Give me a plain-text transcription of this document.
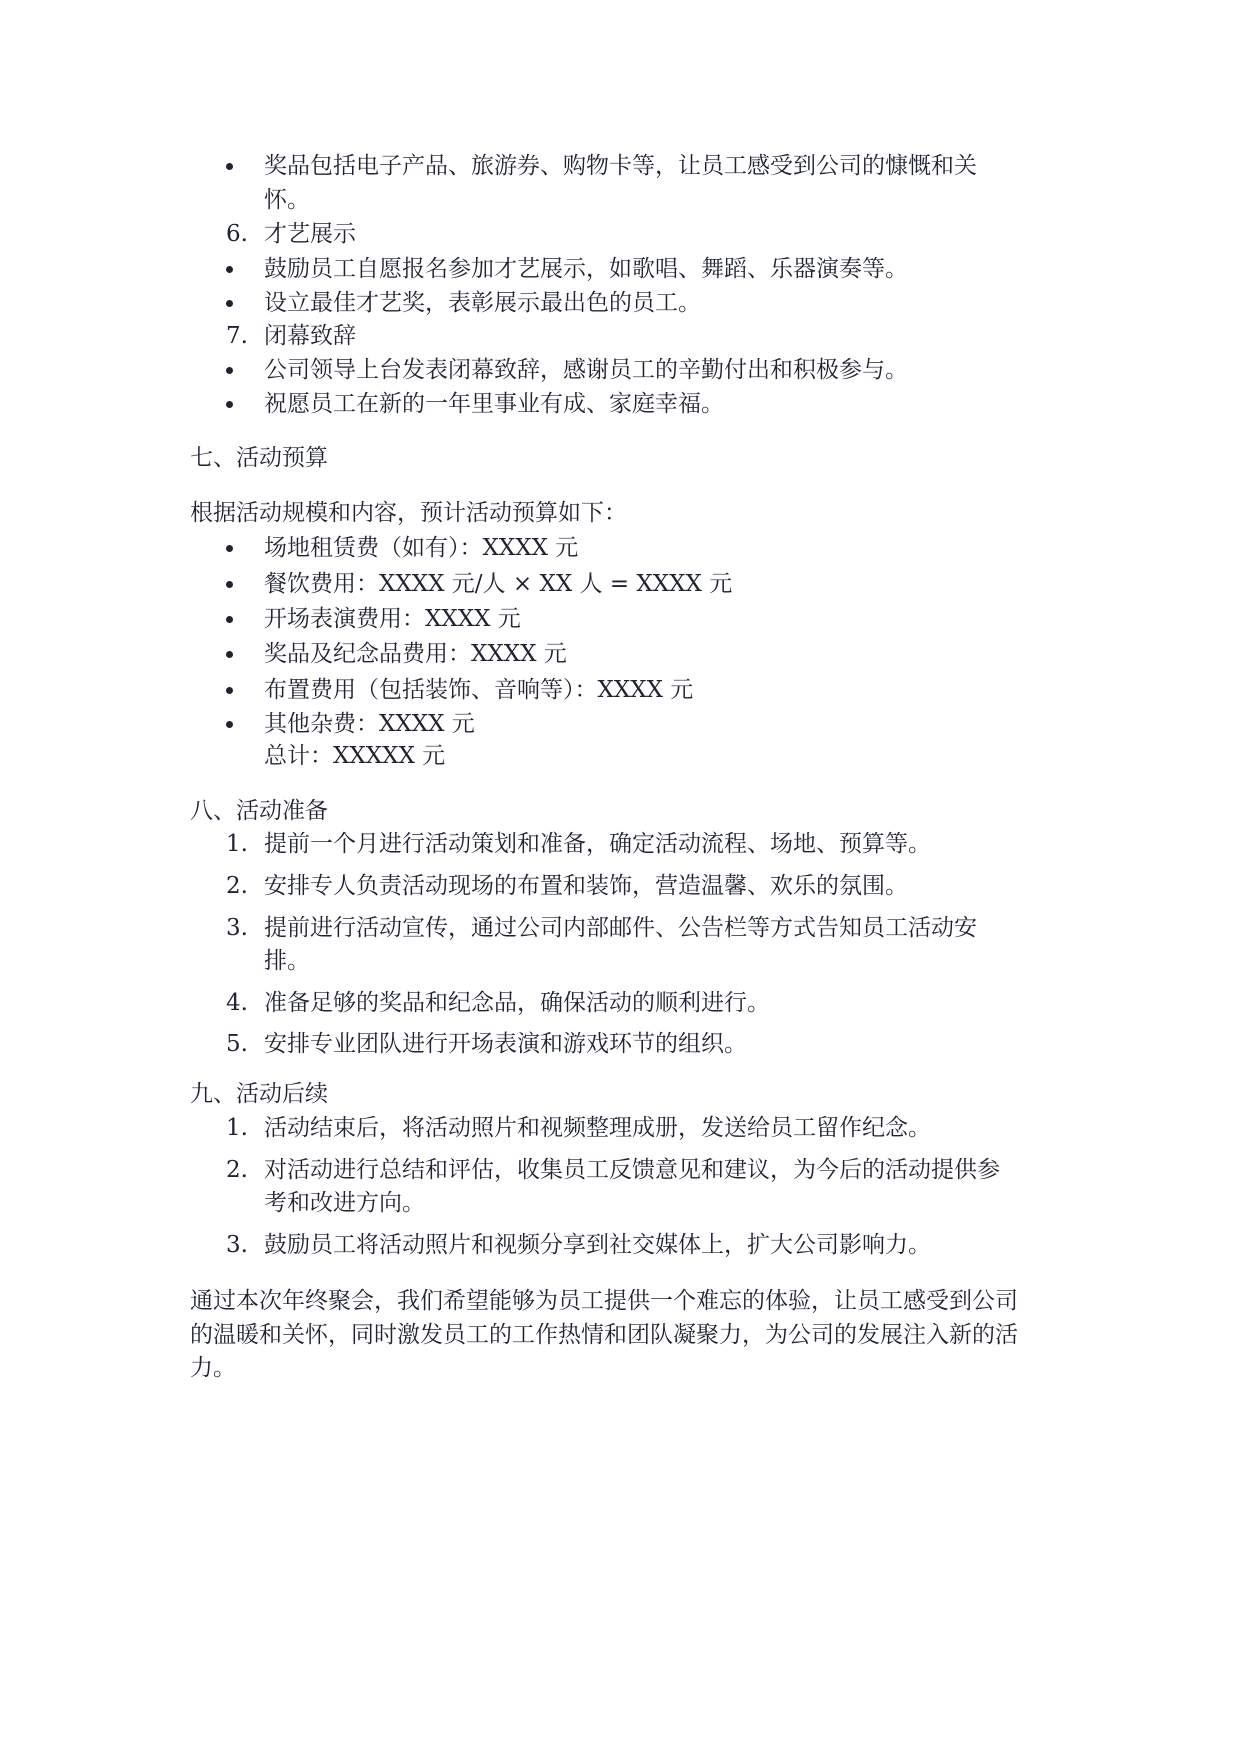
奖品包括电子产品、旅游券、购物卡等，让员工感受到公司的慷慨和关
怀。
6. 才艺展示
鼓励员工自愿报名参加才艺展示，如歌唱、舞蹈、乐器演奏等。
设立最佳才艺奖，表彰展示最出色的员工。
7. 闭幕致辞
公司领导上台发表闭幕致辞，感谢员工的辛勤付出和积极参与。
祝愿员工在新的一年里事业有成、家庭幸福。
七、活动预算
根据活动规模和内容，预计活动预算如下：
场地租赁费（如有）：XXXX 元
餐饮费用：XXXX 元/人 × XX 人 = XXXX 元
开场表演费用：XXXX 元
奖品及纪念品费用：XXXX 元
布置费用（包括装饰、音响等）：XXXX 元
其他杂费：XXXX 元
总计：XXXXX 元
八、活动准备
1. 提前一个月进行活动策划和准备，确定活动流程、场地、预算等。
2. 安排专人负责活动现场的布置和装饰，营造温馨、欢乐的氛围。
3. 提前进行活动宣传，通过公司内部邮件、公告栏等方式告知员工活动安
排。
4. 准备足够的奖品和纪念品，确保活动的顺利进行。
5. 安排专业团队进行开场表演和游戏环节的组织。
九、活动后续
1. 活动结束后，将活动照片和视频整理成册，发送给员工留作纪念。
2. 对活动进行总结和评估，收集员工反馈意见和建议，为今后的活动提供参
考和改进方向。
3. 鼓励员工将活动照片和视频分享到社交媒体上，扩大公司影响力。
通过本次年终聚会，我们希望能够为员工提供一个难忘的体验，让员工感受到公司
的温暖和关怀，同时激发员工的工作热情和团队凝聚力，为公司的发展注入新的活
力。
